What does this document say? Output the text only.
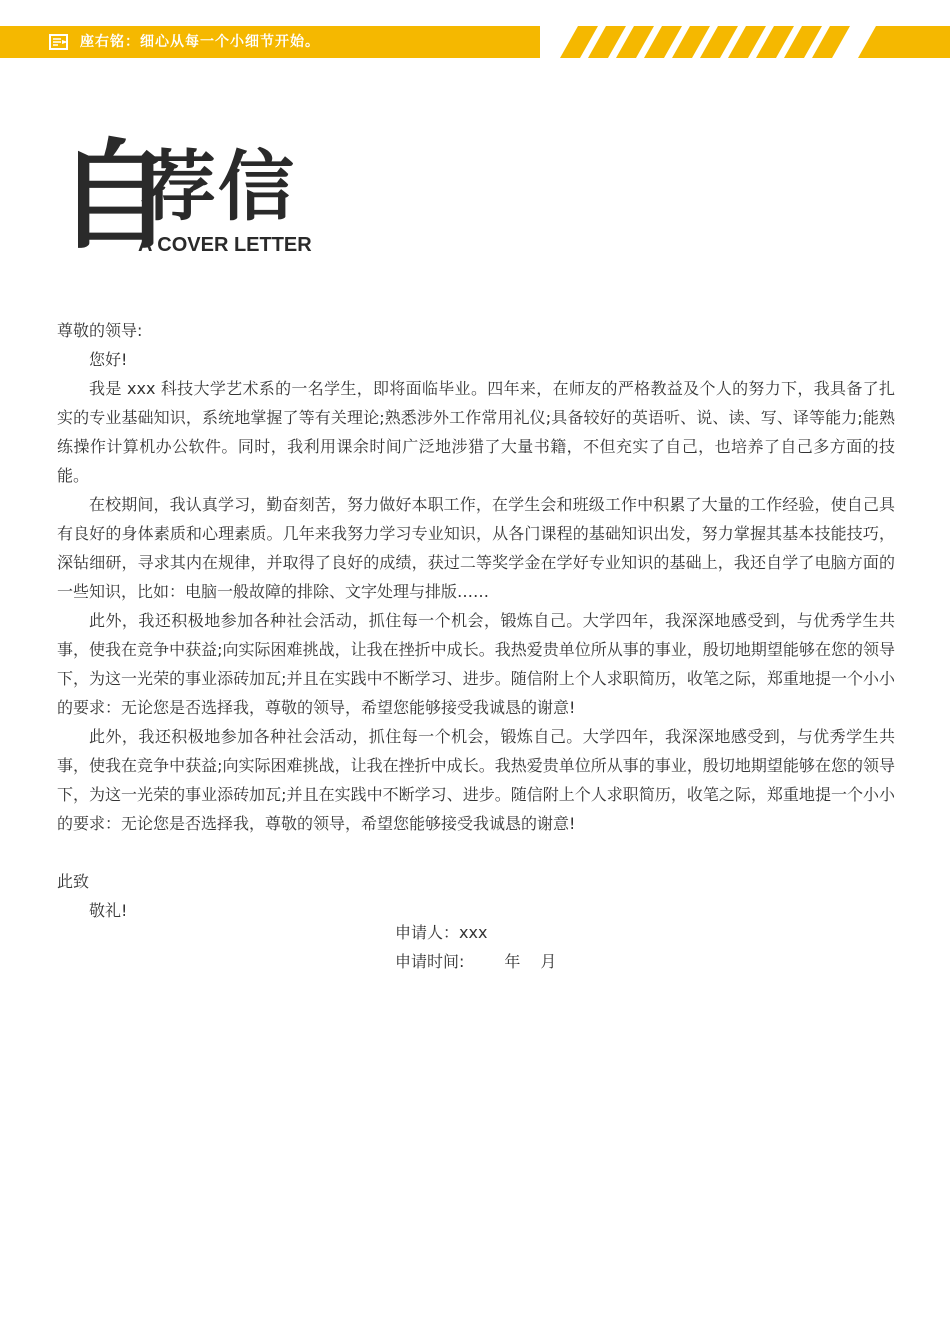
座右铭：细心从每一个小细节开始。
自
荐信
A COVER LETTER

尊敬的领导:

您好!

我是 xxx 科技大学艺术系的一名学生，即将面临毕业。四年来，在师友的严格教益及个人的努力下，我具备了扎实的专业基础知识，系统地掌握了等有关理论;熟悉涉外工作常用礼仪;具备较好的英语听、说、读、写、译等能力;能熟练操作计算机办公软件。同时，我利用课余时间广泛地涉猎了大量书籍，不但充实了自己，也培养了自己多方面的技能。

在校期间，我认真学习，勤奋刻苦，努力做好本职工作，在学生会和班级工作中积累了大量的工作经验，使自己具有良好的身体素质和心理素质。几年来我努力学习专业知识，从各门课程的基础知识出发，努力掌握其基本技能技巧，深钻细研，寻求其内在规律，并取得了良好的成绩，获过二等奖学金在学好专业知识的基础上，我还自学了电脑方面的一些知识，比如：电脑一般故障的排除、文字处理与排版……

此外，我还积极地参加各种社会活动，抓住每一个机会，锻炼自己。大学四年，我深深地感受到，与优秀学生共事，使我在竞争中获益;向实际困难挑战，让我在挫折中成长。我热爱贵单位所从事的事业，殷切地期望能够在您的领导下，为这一光荣的事业添砖加瓦;并且在实践中不断学习、进步。随信附上个人求职简历，收笔之际，郑重地提一个小小的要求：无论您是否选择我，尊敬的领导，希望您能够接受我诚恳的谢意!

此外，我还积极地参加各种社会活动，抓住每一个机会，锻炼自己。大学四年，我深深地感受到，与优秀学生共事，使我在竞争中获益;向实际困难挑战，让我在挫折中成长。我热爱贵单位所从事的事业，殷切地期望能够在您的领导下，为这一光荣的事业添砖加瓦;并且在实践中不断学习、进步。随信附上个人求职简历，收笔之际，郑重地提一个小小的要求：无论您是否选择我，尊敬的领导，希望您能够接受我诚恳的谢意!

此致

敬礼!

申请人：xxx
申请时间:	年 月
